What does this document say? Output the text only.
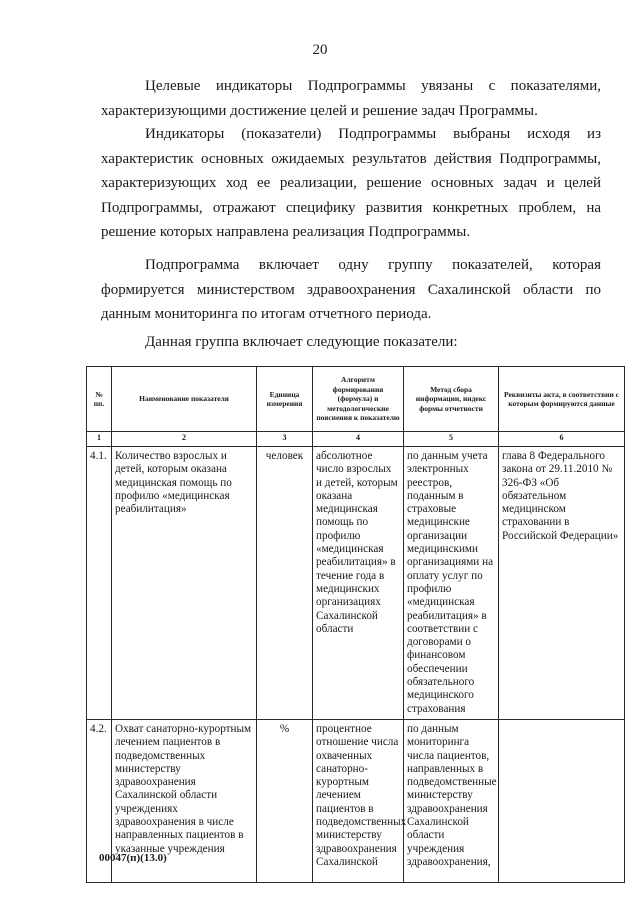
20
Целевые индикаторы Подпрограммы увязаны с показателями, характеризующими достижение целей и решение задач Программы.
Индикаторы (показатели) Подпрограммы выбраны исходя из характеристик основных ожидаемых результатов действия Подпрограммы, характеризующих ход ее реализации, решение основных задач и целей Подпрограммы, отражают специфику развития конкретных проблем, на решение которых направлена реализация Подпрограммы.
Подпрограмма включает одну группу показателей, которая формируется министерством здравоохранения Сахалинской области по данным мониторинга по итогам отчетного периода.
Данная группа включает следующие показатели:
№ пп.	Наименование показателя	Единица измерения	Алгоритм формирования (формула) и методологические пояснения к показателю	Метод сбора информации, индекс формы отчетности	Реквизиты акта, в соответствии с которым формируются данные
1	2	3	4	5	6
4.1.	Количество взрослых и детей, которым оказана медицинская помощь по профилю «медицинская реабилитация»	человек	абсолютное число взрослых и детей, которым оказана медицинская помощь по профилю «медицинская реабилитация» в течение года в медицинских организациях Сахалинской области	по данным учета электронных реестров, поданным в страховые медицинские организации медицинскими организациями на оплату услуг по профилю «медицинская реабилитация» в соответствии с договорами о финансовом обеспечении обязательного медицинского страхования	глава 8 Федерального закона от 29.11.2010 № 326-ФЗ «Об обязательном медицинском страховании в Российской Федерации»
4.2.	Охват санаторно-курортным лечением пациентов в подведомственных министерству здравоохранения Сахалинской области учреждениях здравоохранения в числе направленных пациентов в указанные учреждения	%	процентное отношение числа охваченных санаторно-курортным лечением пациентов в подведомственных министерству здравоохранения Сахалинской	по данным мониторинга числа пациентов, направленных в подведомственные министерству здравоохранения Сахалинской области учреждения здравоохранения,	
00047(п)(13.0)
